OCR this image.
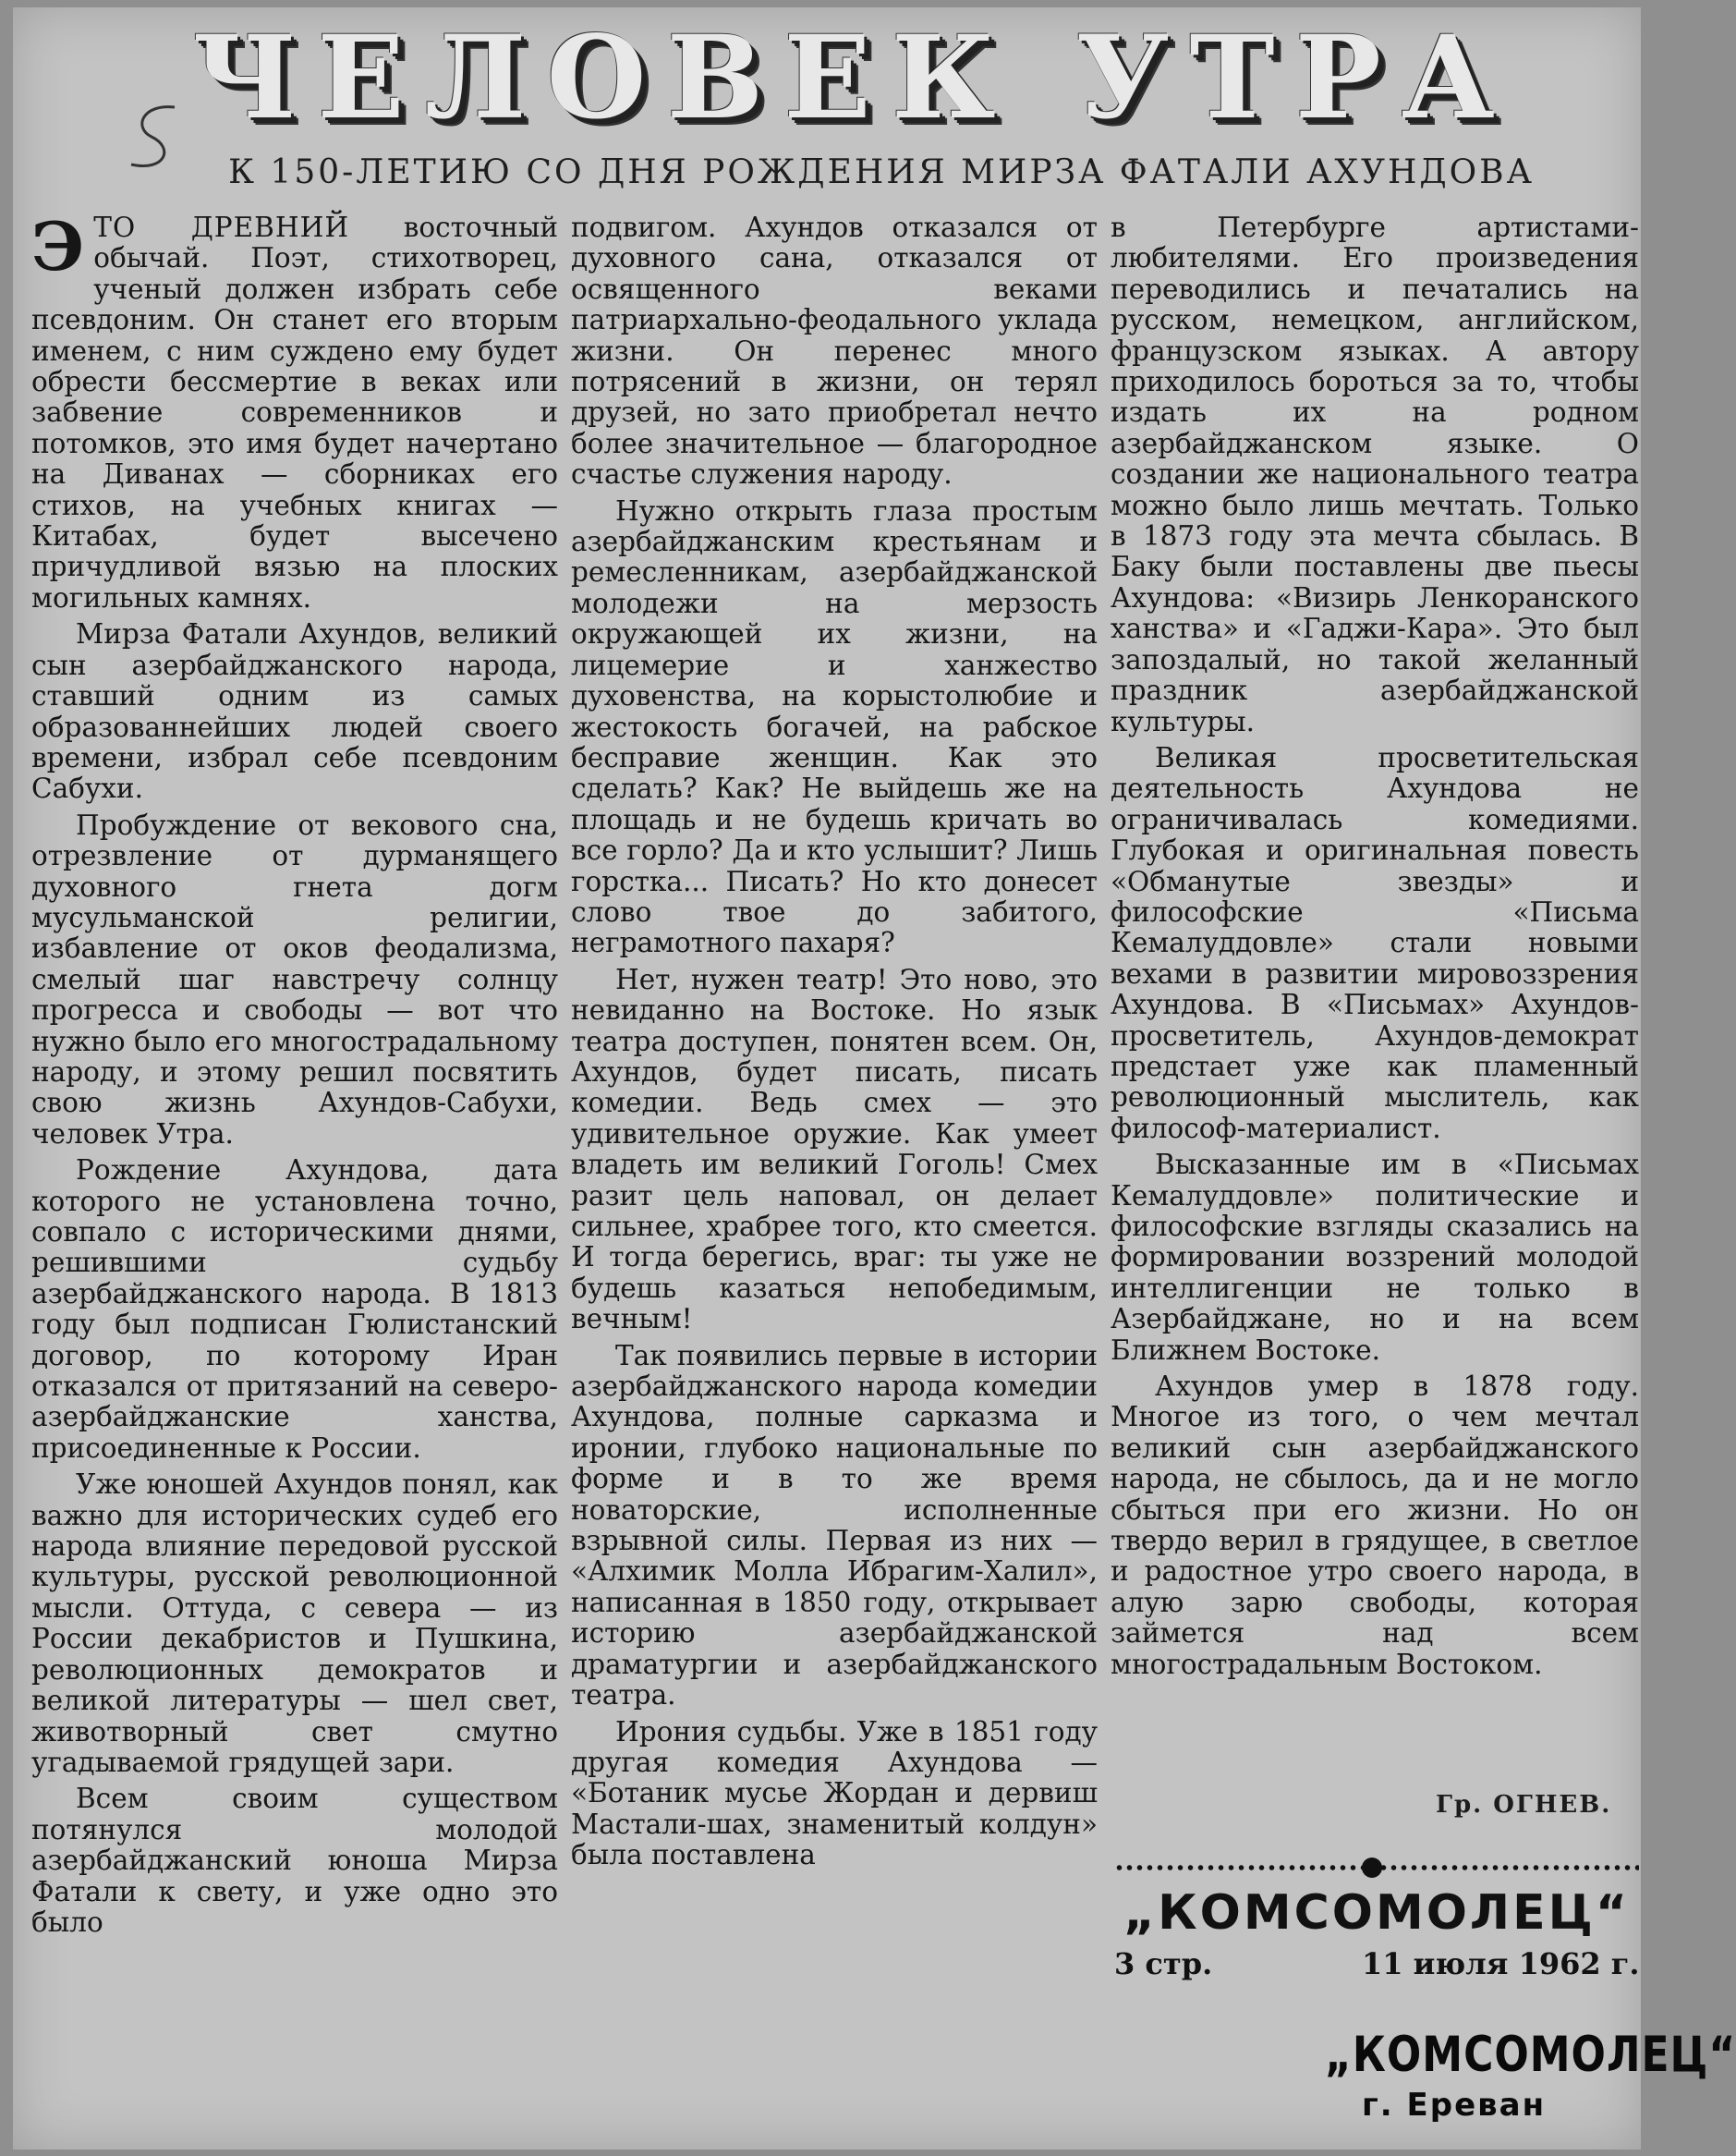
ЧЕЛОВЕК УТРА
К 150-ЛЕТИЮ СО ДНЯ РОЖДЕНИЯ МИРЗА ФАТАЛИ АХУНДОВА

ЭТО ДРЕВНИЙ восточный обычай. Поэт, стихотворец, ученый должен избрать себе псевдоним. Он станет его вторым именем, с ним суждено ему будет обрести бессмертие в веках или забвение современников и потомков, это имя будет начертано на Диванах — сборниках его стихов, на учебных книгах — Китабах, будет высечено причудливой вязью на плоских могильных камнях.

Мирза Фатали Ахундов, великий сын азербайджанского народа, ставший одним из самых образованнейших людей своего времени, избрал себе псевдоним Сабухи.

Пробуждение от векового сна, отрезвление от дурманящего духовного гнета догм мусульманской религии, избавление от оков феодализма, смелый шаг навстречу солнцу прогресса и свободы — вот что нужно было его многострадальному народу, и этому решил посвятить свою жизнь Ахундов-Сабухи, человек Утра.

Рождение Ахундова, дата которого не установлена точно, совпало с историческими днями, решившими судьбу азербайджанского народа. В 1813 году был подписан Гюлистанский договор, по которому Иран отказался от притязаний на северо-азербайджанские ханства, присоединенные к России.

Уже юношей Ахундов понял, как важно для исторических судеб его народа влияние передовой русской культуры, русской революционной мысли. Оттуда, с севера — из России декабристов и Пушкина, революционных демократов и великой литературы — шел свет, животворный свет смутно угадываемой грядущей зари.

Всем своим существом потянулся молодой азербайджанский юноша Мирза Фатали к свету, и уже одно это было

подвигом. Ахундов отказался от духовного сана, отказался от освященного веками патриархально-феодального уклада жизни. Он перенес много потрясений в жизни, он терял друзей, но зато приобретал нечто более значительное — благородное счастье служения народу.

Нужно открыть глаза простым азербайджанским крестьянам и ремесленникам, азербайджанской молодежи на мерзость окружающей их жизни, на лицемерие и ханжество духовенства, на корыстолюбие и жестокость богачей, на рабское бесправие женщин. Как это сделать? Как? Не выйдешь же на площадь и не будешь кричать во все горло? Да и кто услышит? Лишь горстка... Писать? Но кто донесет слово твое до забитого, неграмотного пахаря?

Нет, нужен театр! Это ново, это невиданно на Востоке. Но язык театра доступен, понятен всем. Он, Ахундов, будет писать, писать комедии. Ведь смех — это удивительное оружие. Как умеет владеть им великий Гоголь! Смех разит цель наповал, он делает сильнее, храбрее того, кто смеется. И тогда берегись, враг: ты уже не будешь казаться непобедимым, вечным!

Так появились первые в истории азербайджанского народа комедии Ахундова, полные сарказма и иронии, глубоко национальные по форме и в то же время новаторские, исполненные взрывной силы. Первая из них — «Алхимик Молла Ибрагим-Халил», написанная в 1850 году, открывает историю азербайджанской драматургии и азербайджанского театра.

Ирония судьбы. Уже в 1851 году другая комедия Ахундова — «Ботаник мусье Жордан и дервиш Мастали-шах, знаменитый колдун» была поставлена

в Петербурге артистами-любителями. Его произведения переводились и печатались на русском, немецком, английском, французском языках. А автору приходилось бороться за то, чтобы издать их на родном азербайджанском языке. О создании же национального театра можно было лишь мечтать. Только в 1873 году эта мечта сбылась. В Баку были поставлены две пьесы Ахундова: «Визирь Ленкоранского ханства» и «Гаджи-Кара». Это был запоздалый, но такой желанный праздник азербайджанской культуры.

Великая просветительская деятельность Ахундова не ограничивалась комедиями. Глубокая и оригинальная повесть «Обманутые звезды» и философские «Письма Кемалуддовле» стали новыми вехами в развитии мировоззрения Ахундова. В «Письмах» Ахундов-просветитель, Ахундов-демократ предстает уже как пламенный революционный мыслитель, как философ-материалист.

Высказанные им в «Письмах Кемалуддовле» политические и философские взгляды сказались на формировании воззрений молодой интеллигенции не только в Азербайджане, но и на всем Ближнем Востоке.

Ахундов умер в 1878 году. Многое из того, о чем мечтал великий сын азербайджанского народа, не сбылось, да и не могло сбыться при его жизни. Но он твердо верил в грядущее, в светлое и радостное утро своего народа, в алую зарю свободы, которая займется над всем многострадальным Востоком.

Гр. ОГНЕВ.
„КОМСОМОЛЕЦ“
3 стр.	11 июля 1962 г.
„КОМСОМОЛЕЦ“
г. Ереван
